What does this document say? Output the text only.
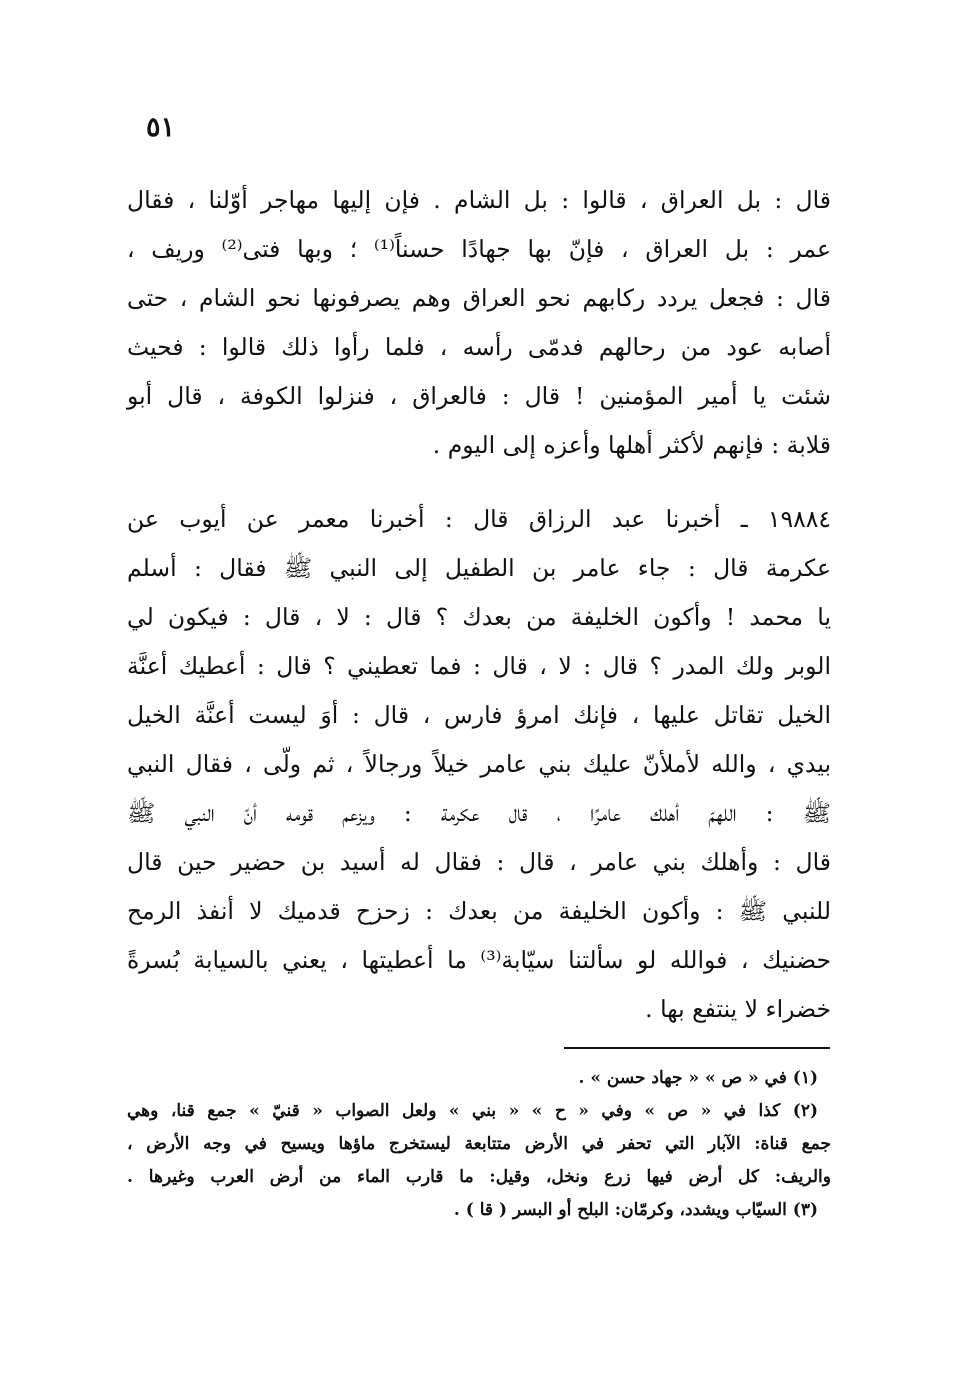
٥١
قال : بل العراق ، قالوا : بل الشام . فإن إليها مهاجر أوّلنا ، فقال
عمر : بل العراق ، فإنّ بها جهادًا حسناً⁽¹⁾ ؛ وبها فتى⁽²⁾ وريف ،
قال : فجعل يردد ركابهم نحو العراق وهم يصرفونها نحو الشام ، حتى
أصابه عود من رحالهم فدمّى رأسه ، فلما رأوا ذلك قالوا : فحيث
شئت يا أمير المؤمنين ! قال : فالعراق ، فنزلوا الكوفة ، قال أبو
قلابة : فإنهم لأكثر أهلها وأعزه إلى اليوم .
١٩٨٨٤ ـ أخبرنا عبد الرزاق قال : أخبرنا معمر عن أيوب عن
عكرمة قال : جاء عامر بن الطفيل إلى النبي ﷺ فقال : أسلم
يا محمد ! وأكون الخليفة من بعدك ؟ قال : لا ، قال : فيكون لي
الوبر ولك المدر ؟ قال : لا ، قال : فما تعطيني ؟ قال : أعطيك أعنَّة
الخيل تقاتل عليها ، فإنك امرؤ فارس ، قال : أوَ ليست أعنَّة الخيل
بيدي ، والله لأملأنّ عليك بني عامر خيلاً ورجالاً ، ثم ولّى ، فقال النبي
ﷺ : اللهمّ أهلك عامرًا ، قال عكرمة : ويزعم قومه أنّ النبي ﷺ
قال : وأهلك بني عامر ، قال : فقال له أسيد بن حضير حين قال
للنبي ﷺ : وأكون الخليفة من بعدك : زحزح قدميك لا أنفذ الرمح
حضنيك ، فوالله لو سألتنا سيّابة⁽³⁾ ما أعطيتها ، يعني بالسيابة بُسرةً
خضراء لا ينتفع بها .
(١) في « ص » « جهاد حسن » .
(٢) كذا في « ص » وفي « ح » « بني » ولعل الصواب « قنيّ » جمع قنا، وهي
جمع قناة: الآبار التي تحفر في الأرض متتابعة ليستخرج ماؤها ويسيح في وجه الأرض ،
والريف: كل أرض فيها زرع ونخل، وقيل: ما قارب الماء من أرض العرب وغيرها .
(٣) السيّاب ويشدد، وكرمّان: البلح أو البسر ( قا ) .
